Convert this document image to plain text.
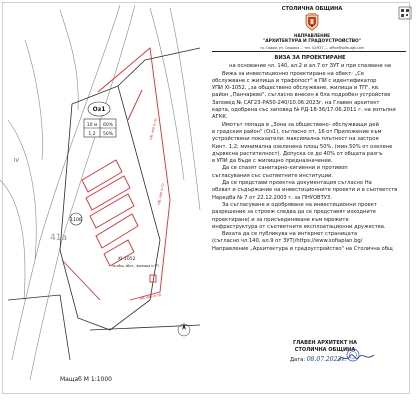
Оз1
10 м 60%
1,2 50%
1106
41a
XI-1052
за общ. обсл., жилища и ТП
IV
НК нов о.гр.
НК нов о.гр.
НК нов о.гр.
Мащаб М 1:1000
СТОЛИЧНА ОБЩИНА
НАПРАВЛЕНИЕ
"АРХИТЕКТУРА И ГРАДОУСТРОЙСТВО"
гр. София, ул. Сердика ... тел. 02/937 ..., office@sofia-agk.com
ВИЗА ЗА ПРОЕКТИРАНЕ
на основание чл. 140, ал.2 и ал.7 от ЗУТ и при спазване на
Вижа за инвестиционно проектиране на обект: „Се
обслужване с жилища и трафопост" в ПИ с идентификатор
УПИ XI-1052, „за обществено обслужване, жилища и ТП", кв.
район „Панчарево", съгласно внесен в бла подробен устройстве
Заповед № САГ23-РА50-240/10.06.2023г. на Главен архитект
карта, одобрена със заповед № РД-18-36/17.06.2011 г. на изпълни
АГКК.
Имотът попада в „Зона за обществено- обслужващи дей
в градския район" (Оз1), съгласно пт. 16 от Приложение към
устройствени показатели: максимална плътност на застроя
Кинт. 1,2; минимална озеленена площ 50%, (мин.50% от озелене
дървесна растителност). Допуска се до 40% от общата разгъ
в УПИ да бъде с жилищно предназначение.
Да се спазят санитарно-хигиенни и противоп
съгласувания със съответните институции.
Да се представи проектна документация съгласно На
обхват и съдържание на инвестиционните проекти и в съответств
Наредба № 7 от 22.12.2003 г. за ПНУОВТУЗ.
За съгласуване и одобряване на инвестиционни проект
разрешение за строеж следва да се представят изходните
проектиране) и за присъединяване към мрежите
инфраструктура от съответните експлоатационни дружества.
Визата да се публикува на интернет страницата
(съгласно чл.140, ал.9 от ЗУТ)/https://www.sofiaplan.bg/
Направление „Архитектура и градоустройство" на Столична общ
ГЛАВЕН АРХИТЕКТ НА
СТОЛИЧНА ОБЩИНА
Дата: 08.07.2023г.
